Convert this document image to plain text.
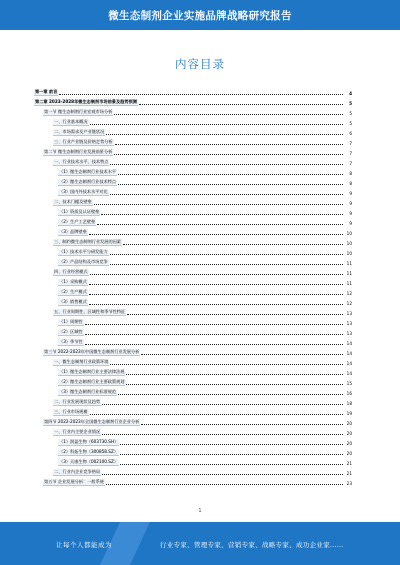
微生态制剂企业实施品牌战略研究报告
内容目录
第一章 前言	4
第二章 2023-2028年微生态制剂市场前景及趋势预测	5
第一节 微生态制剂行业宏观市场分析	5
一、行业基本概况	5
二、市场需求及产业链状况	6
三、行业产业链及价格走势分析	7
第二节 微生态制剂行业发展前景分析	7
一、行业技术水平、技术特点	7
（1）微生态制剂行业技术水平	8
（2）微生态制剂行业技术特点	8
（3）国内外技术水平对比	9
二、技术门槛及壁垒	9
（1）资质及认证壁垒	9
（2）生产工艺壁垒	9
（3）品牌壁垒	10
三、制约微生态制剂行业发展的因素	10
（1）技术水平与研发能力	10
（2）产品结构及市场竞争	11
四、行业经营模式	11
（1）采购模式	11
（2）生产模式	12
（3）销售模式	12
五、行业周期性、区域性和季节性特征	13
（1）周期性	13
（2）区域性	13
（3）季节性	14
第三节 2022-2023年中国微生态制剂行业发展分析	14
一、微生态制剂行业政策环境	14
（1）微生态制剂行业主要法律法规	14
（2）微生态制剂行业主要政策规划	15
（3）微生态制剂行业标准规范	16
二、行业发展现状及趋势	18
三、行业市场规模	19
第四节 2022-2023年全国微生态制剂行业企业分析	20
一、行业内主要企业情况	20
（1）润盈生物（603730.SH）	20
（2）科拓生物（300858.SZ）	20
（3）天康生物（002100.SZ）	21
二、行业内企业竞争格局	21
第五节 企业发展分析：一般系统	23
1
让每个人都能成为	行业专家、管理专家、营销专家、战略专家、成功企业家……
